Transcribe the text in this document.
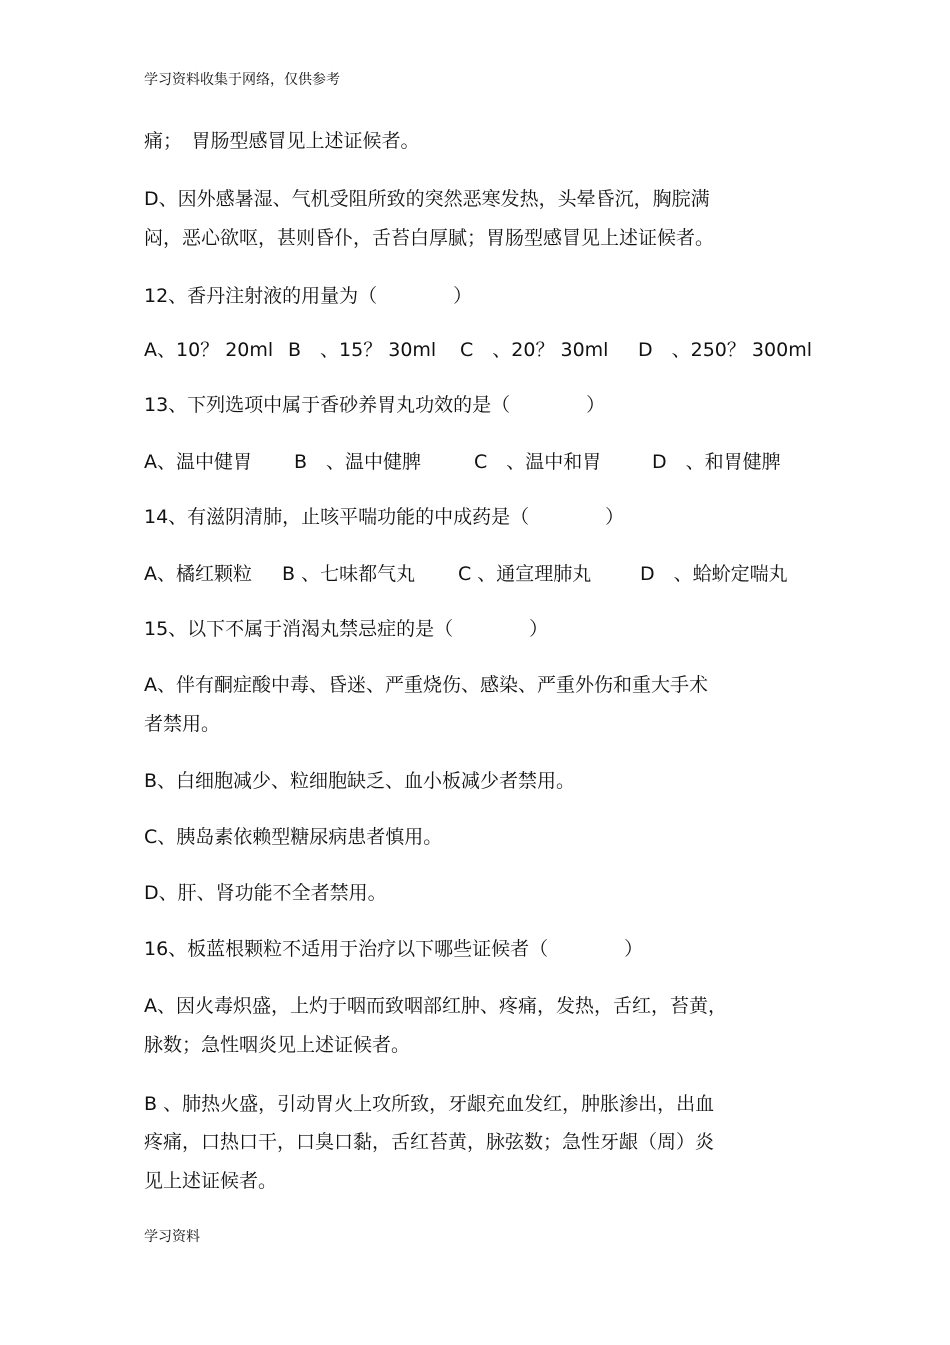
学习资料收集于网络，仅供参考
痛；　胃肠型感冒见上述证候者。
D、因外感暑湿、气机受阻所致的突然恶寒发热，头晕昏沉，胸脘满
闷，恶心欲呕，甚则昏仆，舌苔白厚腻；胃肠型感冒见上述证候者。
12、香丹注射液的用量为（　　　　）
A、10？ 20ml B　、15？ 30ml C　、20？ 30ml D　、250？ 300ml
13、下列选项中属于香砂养胃丸功效的是（　　　　）
A、温中健胃 B　、温中健脾	C　、温中和胃	D　、和胃健脾
14、有滋阴清肺，止咳平喘功能的中成药是（　　　　）
A、橘红颗粒 B 、七味都气丸 C 、通宣理肺丸	D　、蛤蚧定喘丸
15、以下不属于消渴丸禁忌症的是（　　　　）
A、伴有酮症酸中毒、昏迷、严重烧伤、感染、严重外伤和重大手术
者禁用。
B、白细胞减少、粒细胞缺乏、血小板减少者禁用。
C、胰岛素依赖型糖尿病患者慎用。
D、肝、肾功能不全者禁用。
16、板蓝根颗粒不适用于治疗以下哪些证候者（　　　　）
A、因火毒炽盛，上灼于咽而致咽部红肿、疼痛，发热，舌红，苔黄，
脉数；急性咽炎见上述证候者。
B 、肺热火盛，引动胃火上攻所致，牙龈充血发红，肿胀渗出，出血
疼痛，口热口干，口臭口黏，舌红苔黄，脉弦数；急性牙龈（周）炎
见上述证候者。
学习资料
